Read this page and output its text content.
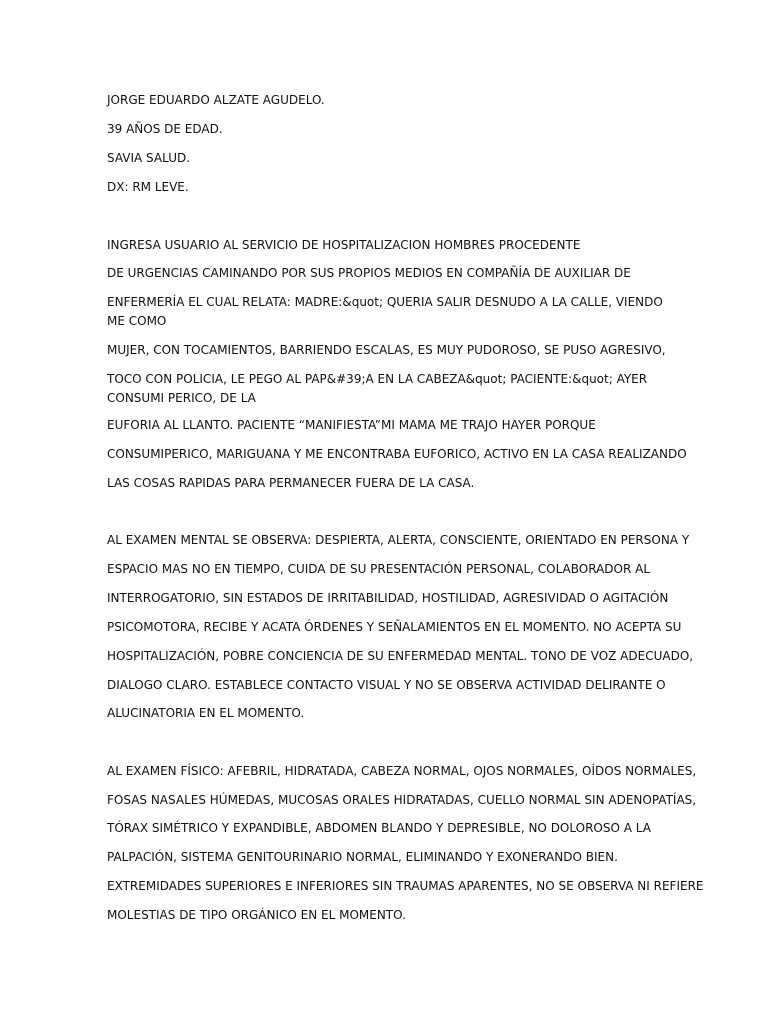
JORGE EDUARDO ALZATE AGUDELO.
39 AÑOS DE EDAD.
SAVIA SALUD.
DX: RM LEVE.
INGRESA USUARIO AL SERVICIO DE HOSPITALIZACION HOMBRES PROCEDENTE
DE URGENCIAS CAMINANDO POR SUS PROPIOS MEDIOS EN COMPAÑÍA DE AUXILIAR DE
ENFERMERÍA EL CUAL RELATA: MADRE:&quot; QUERIA SALIR DESNUDO A LA CALLE, VIENDO ME COMO
MUJER, CON TOCAMIENTOS, BARRIENDO ESCALAS, ES MUY PUDOROSO, SE PUSO AGRESIVO,
TOCO CON POLICIA, LE PEGO AL PAP&#39;A EN LA CABEZA&quot; PACIENTE:&quot; AYER CONSUMI PERICO, DE LA
EUFORIA AL LLANTO. PACIENTE “MANIFIESTA”MI MAMA ME TRAJO HAYER PORQUE
CONSUMIPERICO, MARIGUANA Y ME ENCONTRABA EUFORICO, ACTIVO EN LA CASA REALIZANDO
LAS COSAS RAPIDAS PARA PERMANECER FUERA DE LA CASA.
AL EXAMEN MENTAL SE OBSERVA: DESPIERTA, ALERTA, CONSCIENTE, ORIENTADO EN PERSONA Y
ESPACIO MAS NO EN TIEMPO, CUIDA DE SU PRESENTACIÓN PERSONAL, COLABORADOR AL
INTERROGATORIO, SIN ESTADOS DE IRRITABILIDAD, HOSTILIDAD, AGRESIVIDAD O AGITACIÓN
PSICOMOTORA, RECIBE Y ACATA ÓRDENES Y SEÑALAMIENTOS EN EL MOMENTO. NO ACEPTA SU
HOSPITALIZACIÓN, POBRE CONCIENCIA DE SU ENFERMEDAD MENTAL. TONO DE VOZ ADECUADO,
DIALOGO CLARO. ESTABLECE CONTACTO VISUAL Y NO SE OBSERVA ACTIVIDAD DELIRANTE O
ALUCINATORIA EN EL MOMENTO.
AL EXAMEN FÍSICO: AFEBRIL, HIDRATADA, CABEZA NORMAL, OJOS NORMALES, OÍDOS NORMALES,
FOSAS NASALES HÚMEDAS, MUCOSAS ORALES HIDRATADAS, CUELLO NORMAL SIN ADENOPATÍAS,
TÓRAX SIMÉTRICO Y EXPANDIBLE, ABDOMEN BLANDO Y DEPRESIBLE, NO DOLOROSO A LA
PALPACIÓN, SISTEMA GENITOURINARIO NORMAL, ELIMINANDO Y EXONERANDO BIEN.
EXTREMIDADES SUPERIORES E INFERIORES SIN TRAUMAS APARENTES, NO SE OBSERVA NI REFIERE
MOLESTIAS DE TIPO ORGÁNICO EN EL MOMENTO.
